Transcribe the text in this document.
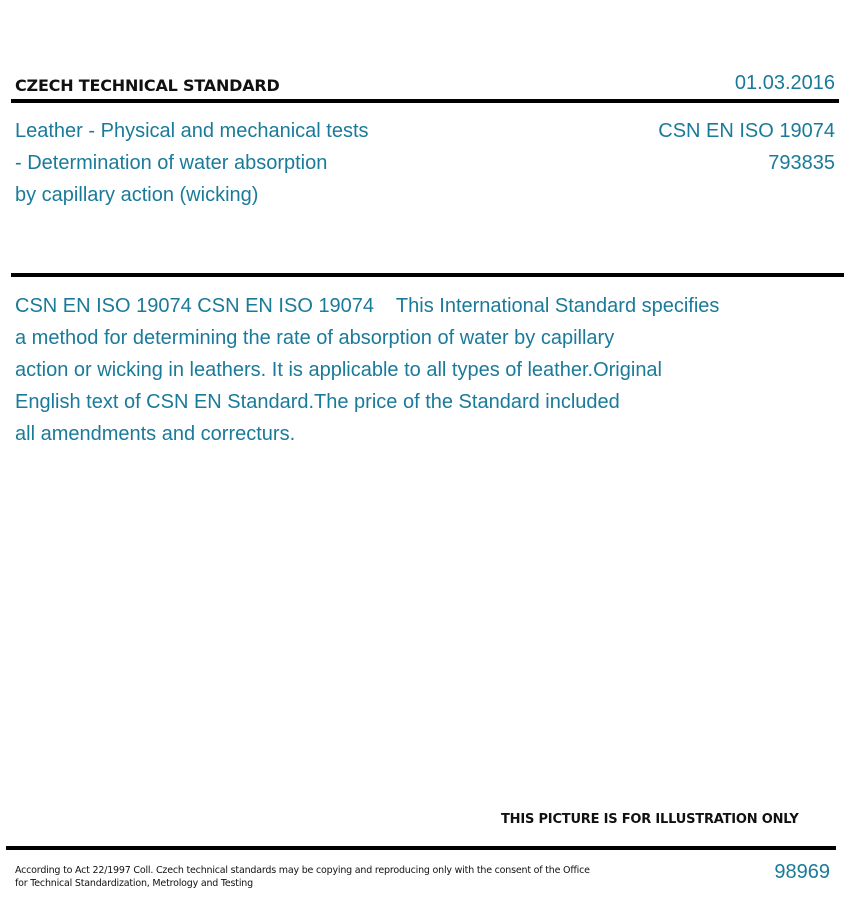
CZECH TECHNICAL STANDARD	01.03.2016
Leather - Physical and mechanical tests
- Determination of water absorption
by capillary action (wicking)
CSN EN ISO 19074
793835
CSN EN ISO 19074 CSN EN ISO 19074    This International Standard specifies
a method for determining the rate of absorption of water by capillary
action or wicking in leathers. It is applicable to all types of leather.Original
English text of CSN EN Standard.The price of the Standard included
all amendments and correcturs.
THIS PICTURE IS FOR ILLUSTRATION ONLY
According to Act 22/1997 Coll. Czech technical standards may be copying and reproducing only with the consent of the Office
for Technical Standardization, Metrology and Testing
98969
